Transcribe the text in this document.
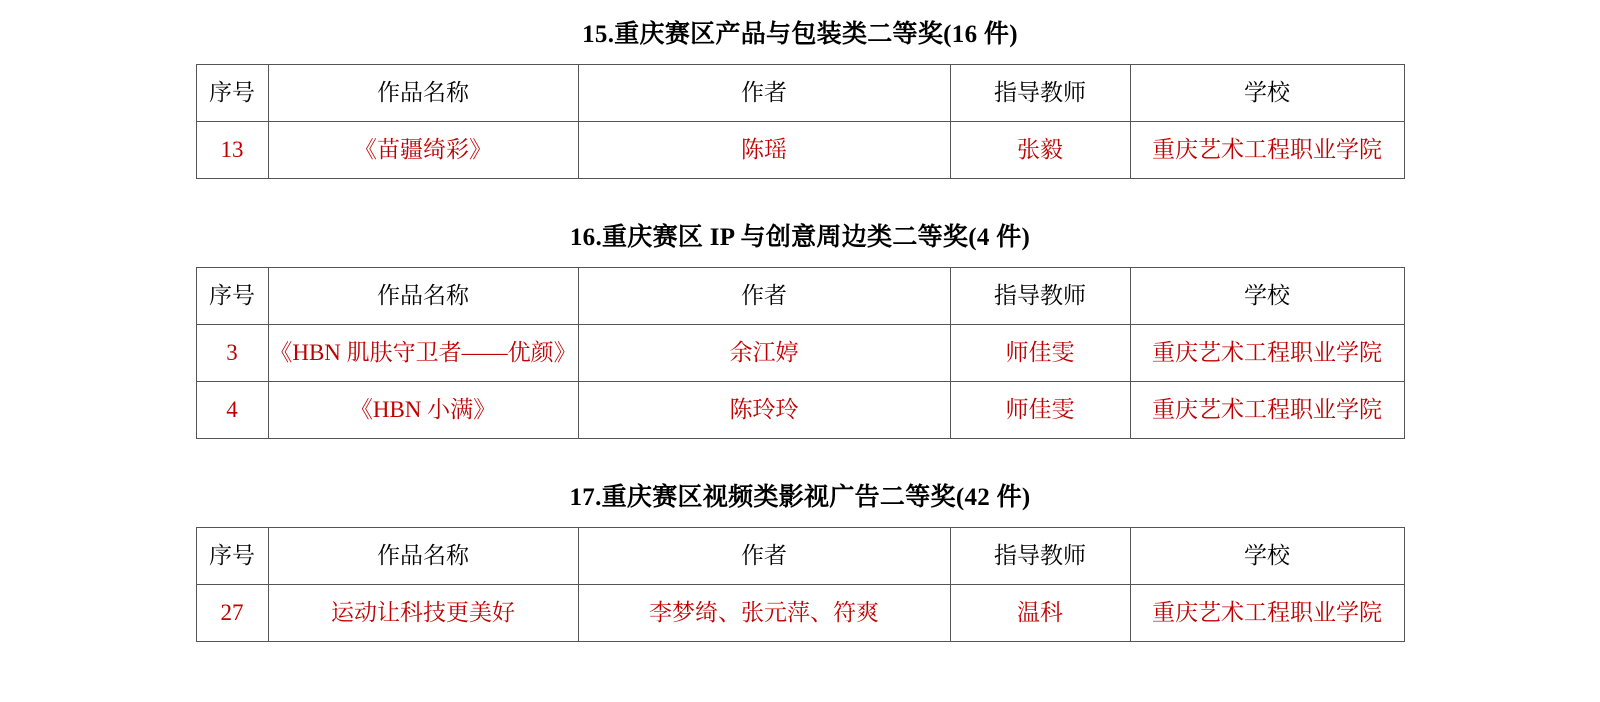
15.重庆赛区产品与包装类二等奖(16 件)
序号	作品名称	作者	指导教师	学校
13	《苗疆绮彩》	陈瑶	张毅	重庆艺术工程职业学院
16.重庆赛区 IP 与创意周边类二等奖(4 件)
序号	作品名称	作者	指导教师	学校
3	《HBN 肌肤守卫者——优颜》	余江婷	师佳雯	重庆艺术工程职业学院
4	《HBN 小满》	陈玲玲	师佳雯	重庆艺术工程职业学院
17.重庆赛区视频类影视广告二等奖(42 件)
序号	作品名称	作者	指导教师	学校
27	运动让科技更美好	李梦绮、张元萍、符爽	温科	重庆艺术工程职业学院
